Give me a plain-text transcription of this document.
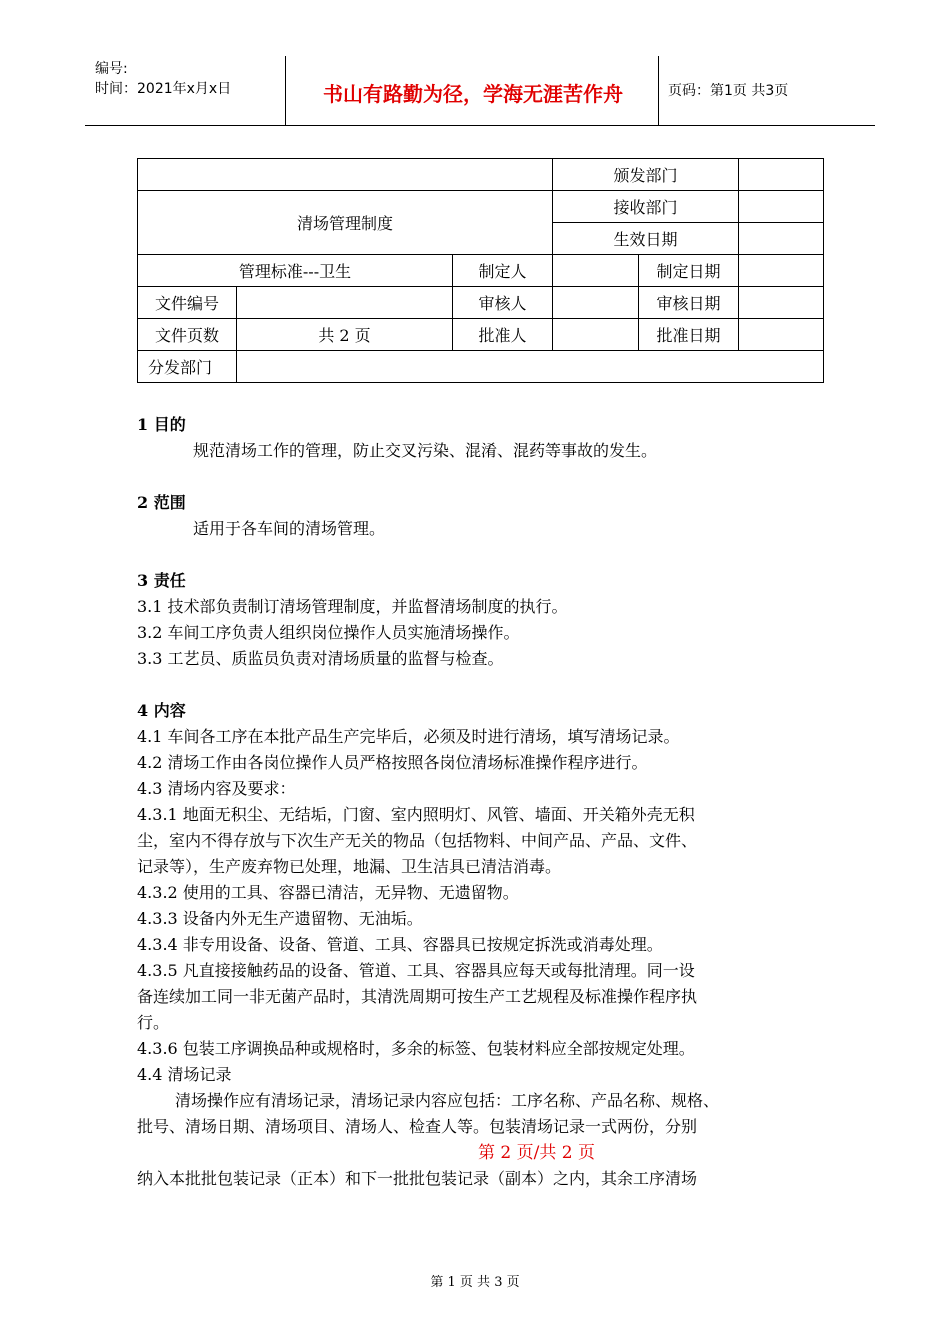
编号:
时间：2021年x月x日	书山有路勤为径，学海无涯苦作舟	页码：第1页 共3页
			颁发部门		
清场管理制度			接收部门		
			生效日期		
管理标准---卫生		制定人		制定日期	
文件编号		审核人		审核日期	
文件页数	共 2 页	批准人		批准日期	
分发部门					
1 目的
规范清场工作的管理，防止交叉污染、混淆、混药等事故的发生。
2 范围
适用于各车间的清场管理。
3 责任
3.1 技术部负责制订清场管理制度，并监督清场制度的执行。
3.2 车间工序负责人组织岗位操作人员实施清场操作。
3.3 工艺员、质监员负责对清场质量的监督与检查。
4 内容
4.1 车间各工序在本批产品生产完毕后，必须及时进行清场，填写清场记录。
4.2 清场工作由各岗位操作人员严格按照各岗位清场标准操作程序进行。
4.3 清场内容及要求：
4.3.1 地面无积尘、无结垢，门窗、室内照明灯、风管、墙面、开关箱外壳无积
尘，室内不得存放与下次生产无关的物品（包括物料、中间产品、产品、文件、
记录等），生产废弃物已处理，地漏、卫生洁具已清洁消毒。
4.3.2 使用的工具、容器已清洁，无异物、无遗留物。
4.3.3 设备内外无生产遗留物、无油垢。
4.3.4 非专用设备、设备、管道、工具、容器具已按规定拆洗或消毒处理。
4.3.5 凡直接接触药品的设备、管道、工具、容器具应每天或每批清理。同一设
备连续加工同一非无菌产品时，其清洗周期可按生产工艺规程及标准操作程序执
行。
4.3.6 包装工序调换品种或规格时，多余的标签、包装材料应全部按规定处理。
4.4 清场记录
清场操作应有清场记录，清场记录内容应包括：工序名称、产品名称、规格、
批号、清场日期、清场项目、清场人、检查人等。包装清场记录一式两份，分别
第 2 页/共 2 页
纳入本批批包装记录（正本）和下一批批包装记录（副本）之内，其余工序清场
第 1 页 共 3 页
